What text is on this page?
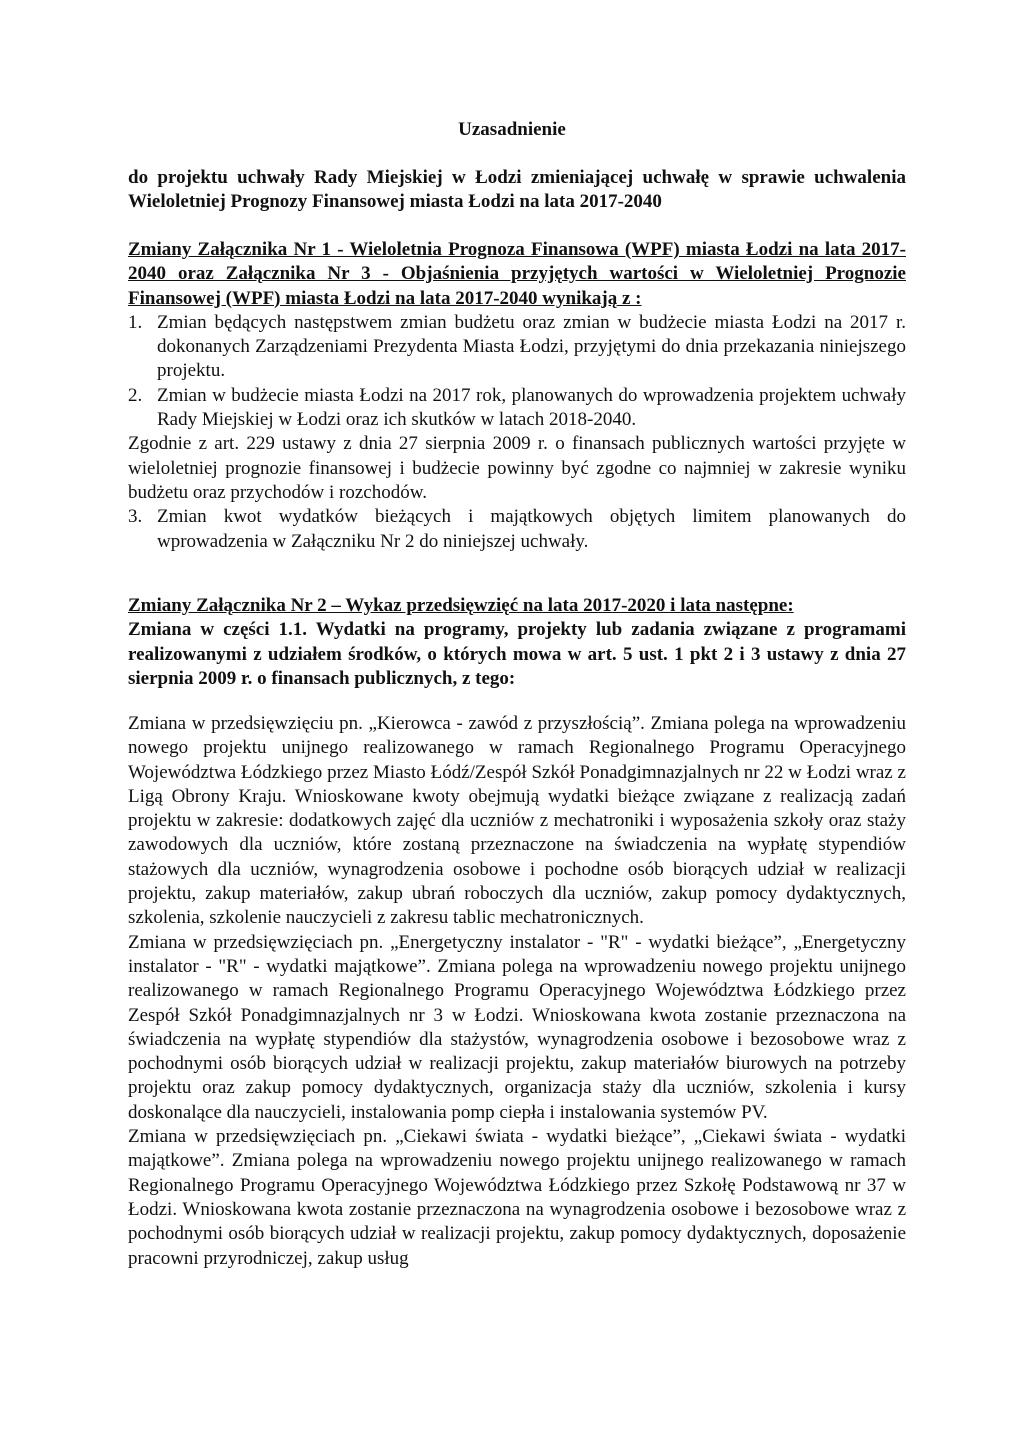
Uzasadnienie
do projektu uchwały Rady Miejskiej w Łodzi zmieniającej uchwałę w sprawie uchwalenia Wieloletniej Prognozy Finansowej miasta Łodzi na lata 2017-2040

Zmiany Załącznika Nr 1 - Wieloletnia Prognoza Finansowa (WPF) miasta Łodzi na lata 2017-2040 oraz Załącznika Nr 3 - Objaśnienia przyjętych wartości w Wieloletniej Prognozie Finansowej (WPF) miasta Łodzi na lata 2017-2040 wynikają z :

1. Zmian będących następstwem zmian budżetu oraz zmian w budżecie miasta Łodzi na 2017 r. dokonanych Zarządzeniami Prezydenta Miasta Łodzi, przyjętymi do dnia przekazania niniejszego projektu.
2. Zmian w budżecie miasta Łodzi na 2017 rok, planowanych do wprowadzenia projektem uchwały Rady Miejskiej w Łodzi oraz ich skutków w latach 2018-2040.

Zgodnie z art. 229 ustawy z dnia 27 sierpnia 2009 r. o finansach publicznych wartości przyjęte w wieloletniej prognozie finansowej i budżecie powinny być zgodne co najmniej w zakresie wyniku budżetu oraz przychodów i rozchodów.

3. Zmian kwot wydatków bieżących i majątkowych objętych limitem planowanych do wprowadzenia w Załączniku Nr 2 do niniejszej uchwały.

Zmiany Załącznika Nr 2 – Wykaz przedsięwzięć na lata 2017-2020 i lata następne:

Zmiana w części 1.1. Wydatki na programy, projekty lub zadania związane z programami realizowanymi z udziałem środków, o których mowa w art. 5 ust. 1 pkt 2 i 3 ustawy z dnia 27 sierpnia 2009 r. o finansach publicznych, z tego:

Zmiana w przedsięwzięciu pn. „Kierowca - zawód z przyszłością”. Zmiana polega na wprowadzeniu nowego projektu unijnego realizowanego w ramach Regionalnego Programu Operacyjnego Województwa Łódzkiego przez Miasto Łódź/Zespół Szkół Ponadgimnazjalnych nr 22 w Łodzi wraz z Ligą Obrony Kraju. Wnioskowane kwoty obejmują wydatki bieżące związane z realizacją zadań projektu w zakresie: dodatkowych zajęć dla uczniów z mechatroniki i wyposażenia szkoły oraz staży zawodowych dla uczniów, które zostaną przeznaczone na świadczenia na wypłatę stypendiów stażowych dla uczniów, wynagrodzenia osobowe i pochodne osób biorących udział w realizacji projektu, zakup materiałów, zakup ubrań roboczych dla uczniów, zakup pomocy dydaktycznych, szkolenia, szkolenie nauczycieli z zakresu tablic mechatronicznych.

Zmiana w przedsięwzięciach pn. „Energetyczny instalator - "R" - wydatki bieżące”, „Energetyczny instalator - "R" - wydatki majątkowe”. Zmiana polega na wprowadzeniu nowego projektu unijnego realizowanego w ramach Regionalnego Programu Operacyjnego Województwa Łódzkiego przez Zespół Szkół Ponadgimnazjalnych nr 3 w Łodzi. Wnioskowana kwota zostanie przeznaczona na świadczenia na wypłatę stypendiów dla stażystów, wynagrodzenia osobowe i bezosobowe wraz z pochodnymi osób biorących udział w realizacji projektu, zakup materiałów biurowych na potrzeby projektu oraz zakup pomocy dydaktycznych, organizacja staży dla uczniów, szkolenia i kursy doskonalące dla nauczycieli, instalowania pomp ciepła i instalowania systemów PV.

Zmiana w przedsięwzięciach pn. „Ciekawi świata - wydatki bieżące”, „Ciekawi świata - wydatki majątkowe”. Zmiana polega na wprowadzeniu nowego projektu unijnego realizowanego w ramach Regionalnego Programu Operacyjnego Województwa Łódzkiego przez Szkołę Podstawową nr 37 w Łodzi. Wnioskowana kwota zostanie przeznaczona na wynagrodzenia osobowe i bezosobowe wraz z pochodnymi osób biorących udział w realizacji projektu, zakup pomocy dydaktycznych, doposażenie pracowni przyrodniczej, zakup usług
